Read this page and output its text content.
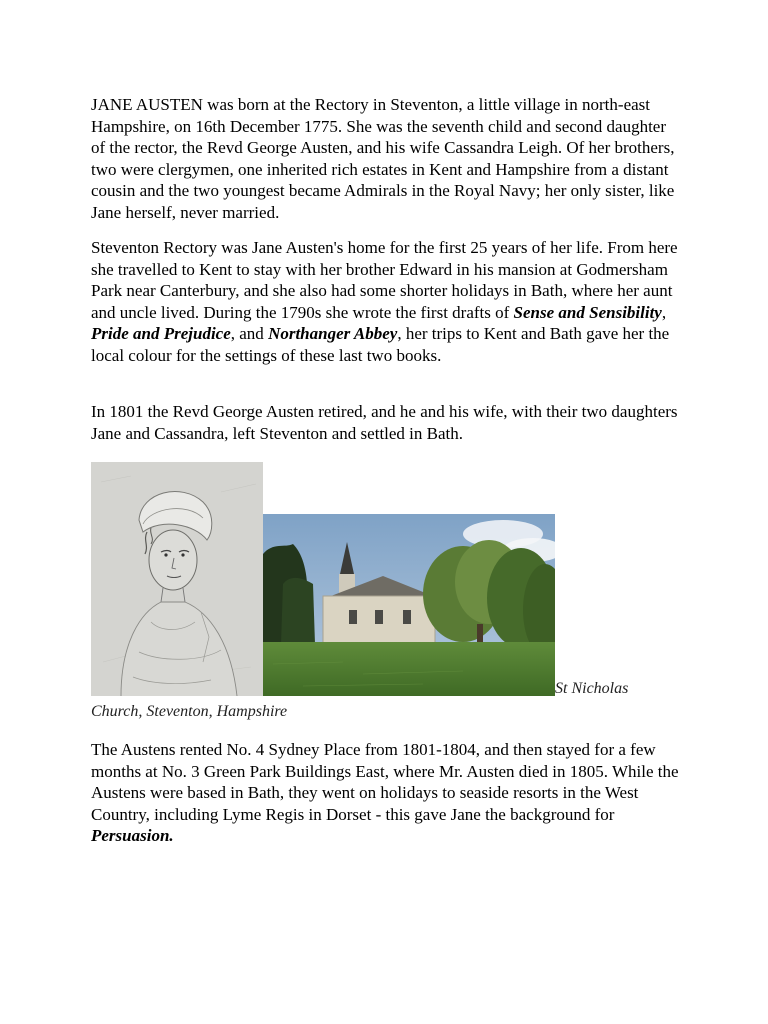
JANE AUSTEN was born at the Rectory in Steventon, a little village in north-east Hampshire, on 16th December 1775. She was the seventh child and second daughter of the rector, the Revd George Austen, and his wife Cassandra Leigh. Of her brothers, two were clergymen, one inherited rich estates in Kent and Hampshire from a distant cousin and the two youngest became Admirals in the Royal Navy; her only sister, like Jane herself, never married.

Steventon Rectory was Jane Austen's home for the first 25 years of her life. From here she travelled to Kent to stay with her brother Edward in his mansion at Godmersham Park near Canterbury, and she also had some shorter holidays in Bath, where her aunt and uncle lived. During the 1790s she wrote the first drafts of Sense and Sensibility, Pride and Prejudice, and Northanger Abbey, her trips to Kent and Bath gave her the local colour for the settings of these last two books.

In 1801 the Revd George Austen retired, and he and his wife, with their two daughters Jane and Cassandra, left Steventon and settled in Bath.

St Nicholas
Church, Steventon, Hampshire

The Austens rented No. 4 Sydney Place from 1801-1804, and then stayed for a few months at No. 3 Green Park Buildings East, where Mr. Austen died in 1805. While the Austens were based in Bath, they went on holidays to seaside resorts in the West Country, including Lyme Regis in Dorset - this gave Jane the background for Persuasion.
